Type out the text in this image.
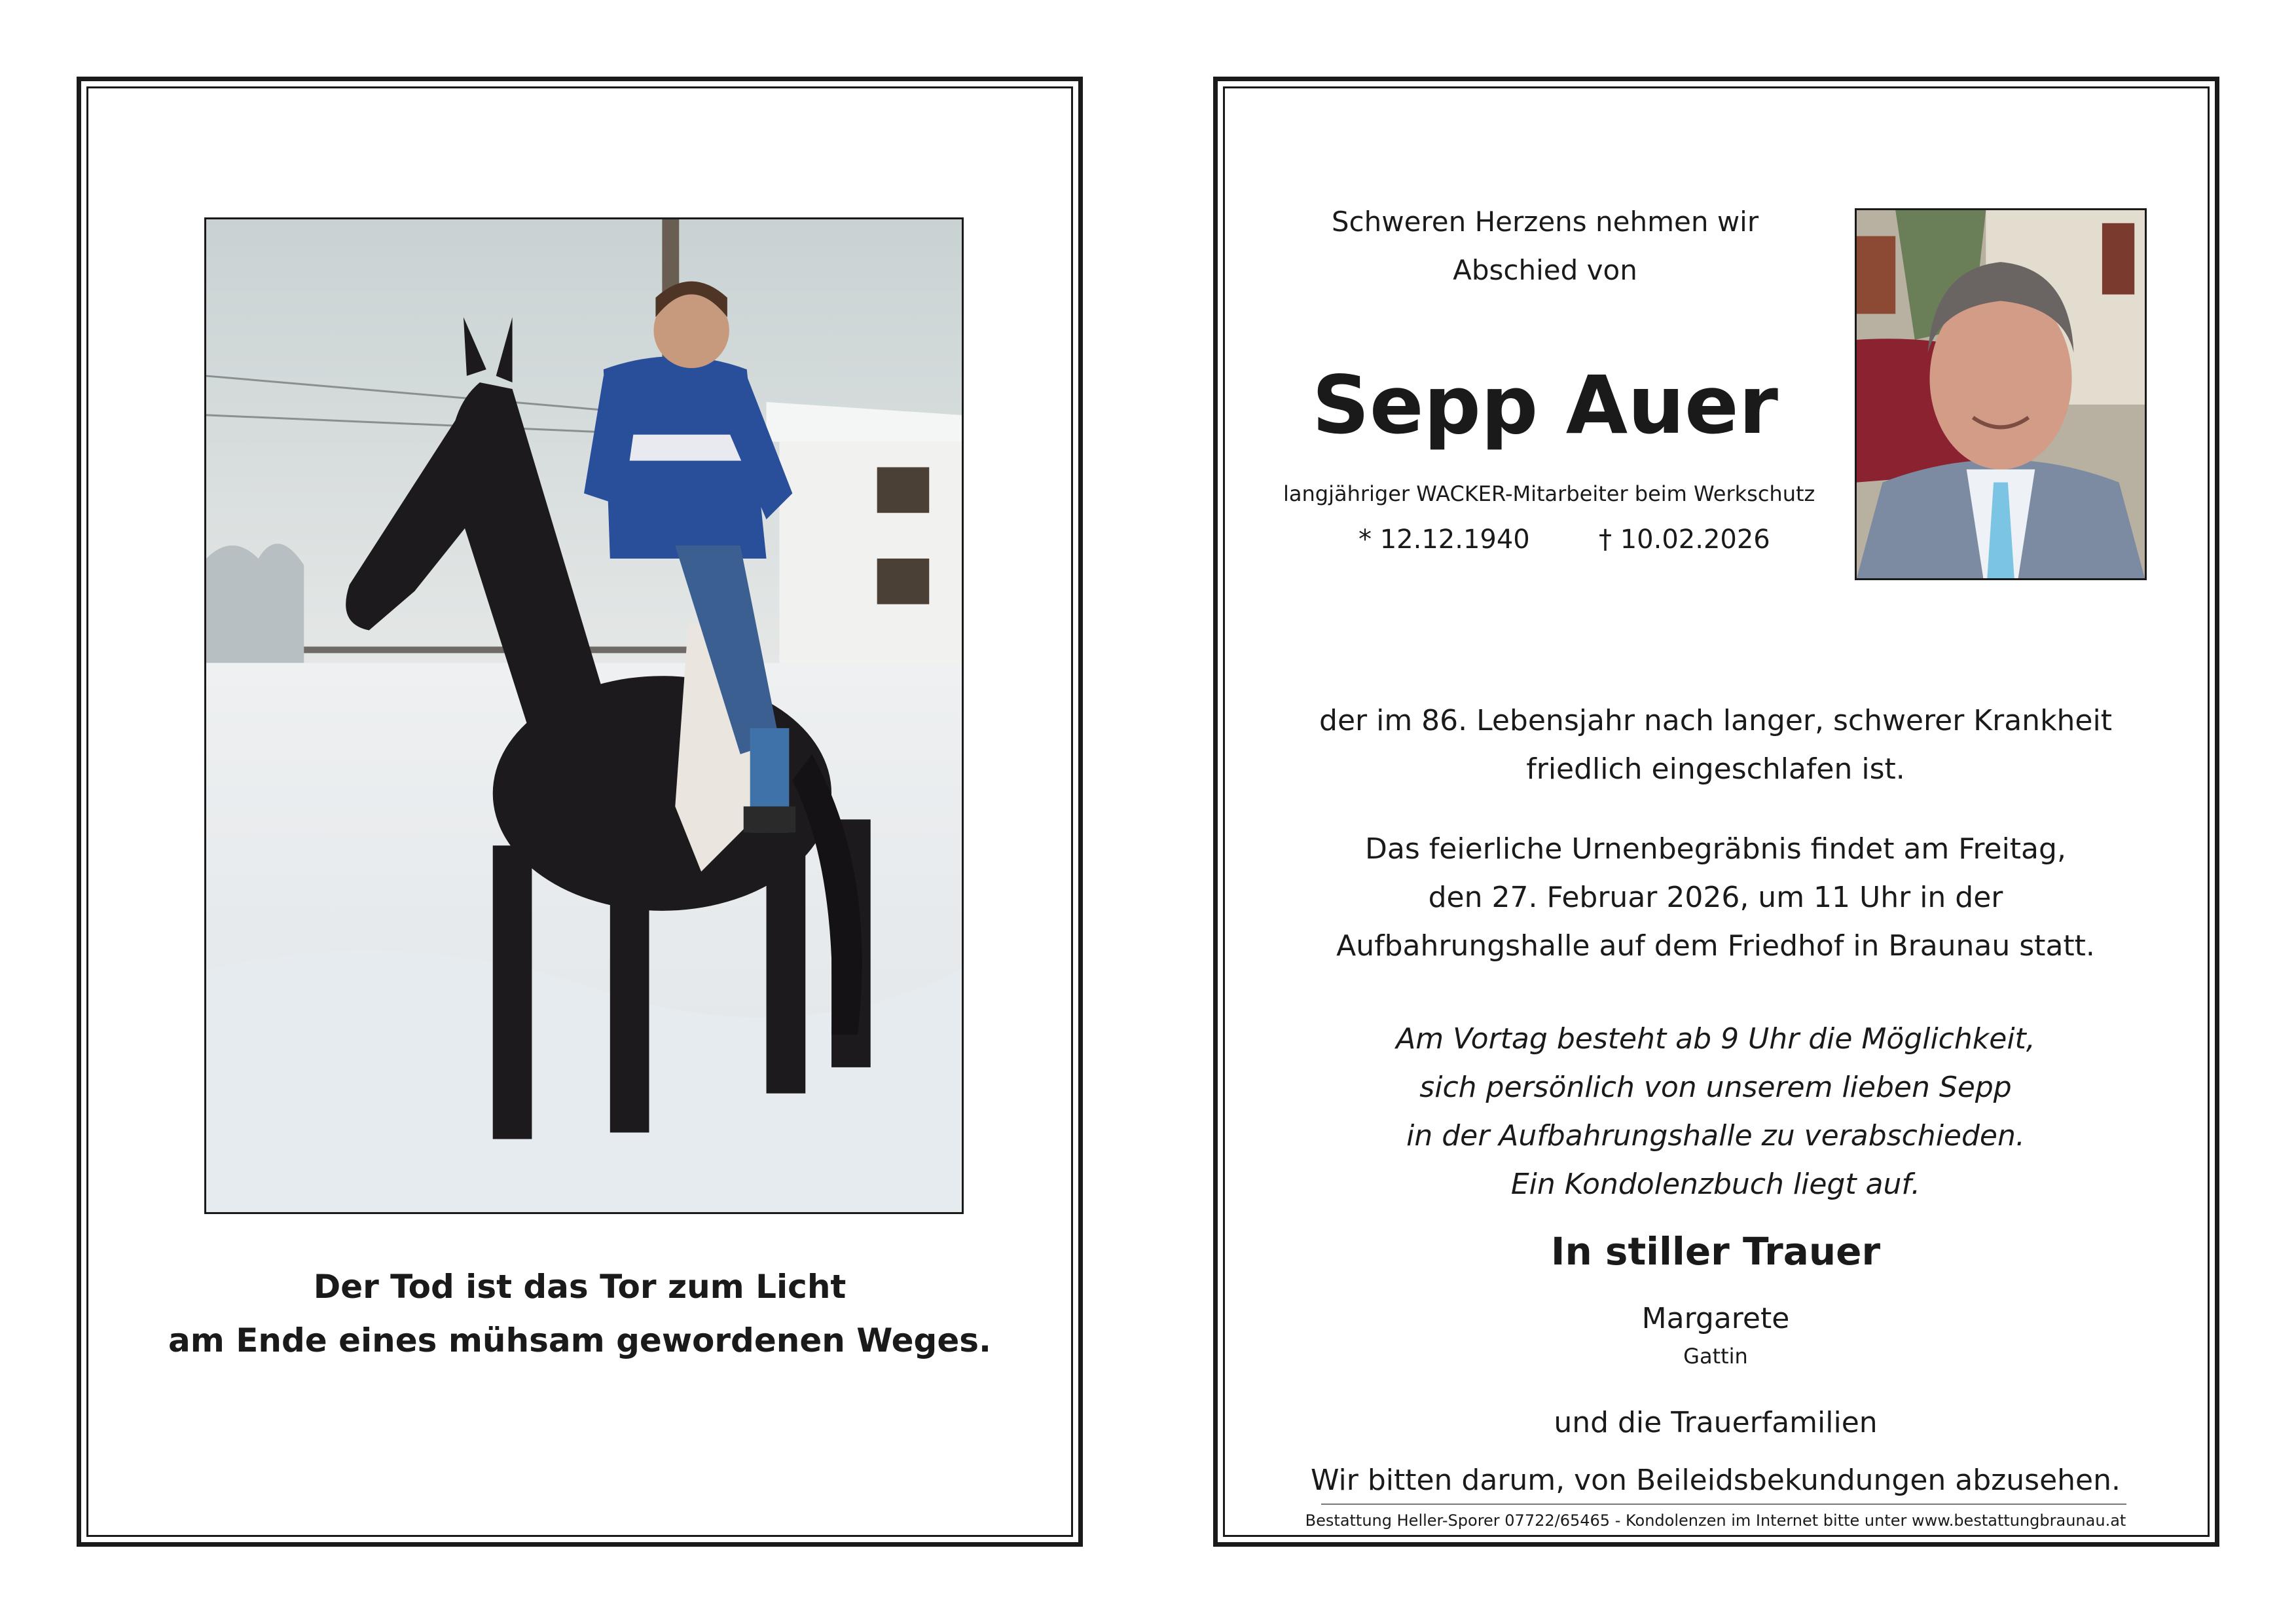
Der Tod ist das Tor zum Licht
am Ende eines mühsam gewordenen Weges.
Schweren Herzens nehmen wir
Abschied von
Sepp Auer
langjähriger WACKER-Mitarbeiter beim Werkschutz
* 12.12.1940	† 10.02.2026
der im 86. Lebensjahr nach langer, schwerer Krankheit
friedlich eingeschlafen ist.
Das feierliche Urnenbegräbnis findet am Freitag,
den 27. Februar 2026, um 11 Uhr in der
Aufbahrungshalle auf dem Friedhof in Braunau statt.
Am Vortag besteht ab 9 Uhr die Möglichkeit,
sich persönlich von unserem lieben Sepp
in der Aufbahrungshalle zu verabschieden.
In stiller Trauer
Ein Kondolenzbuch liegt auf.
Margarete
Gattin
und die Trauerfamilien
Wir bitten darum, von Beileidsbekundungen abzusehen.
Bestattung Heller-Sporer 07722/65465 - Kondolenzen im Internet bitte unter www.bestattungbraunau.at
